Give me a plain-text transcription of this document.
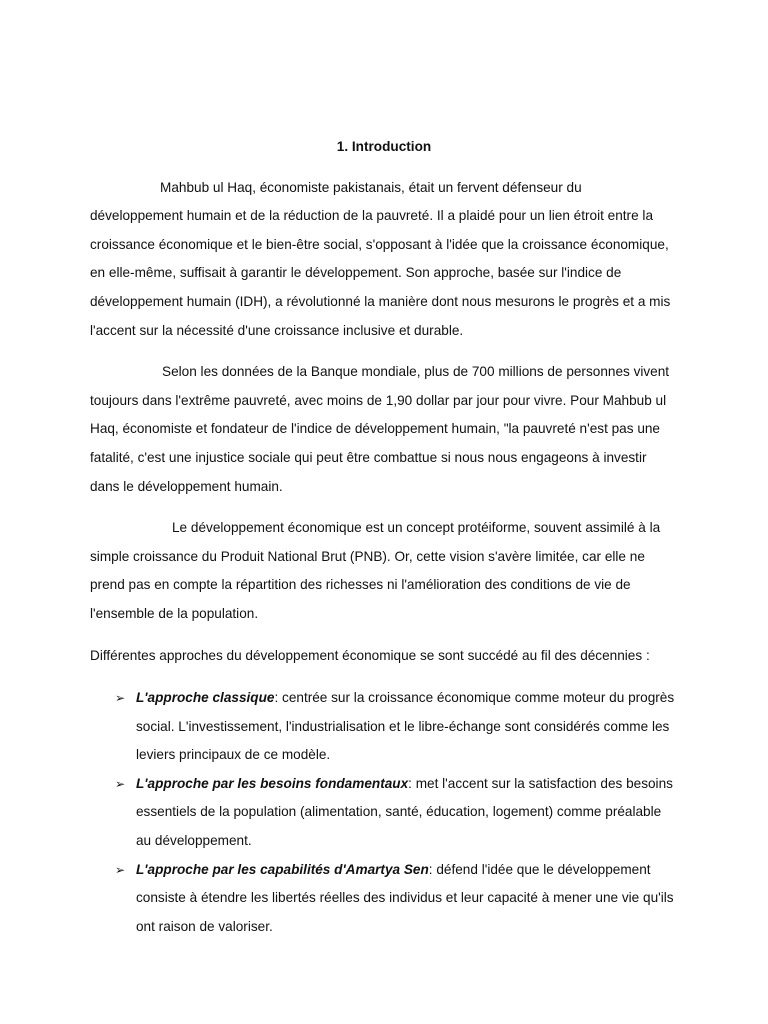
1. Introduction

Mahbub ul Haq, économiste pakistanais, était un fervent défenseur du développement humain et de la réduction de la pauvreté. Il a plaidé pour un lien étroit entre la croissance économique et le bien-être social, s'opposant à l'idée que la croissance économique, en elle-même, suffisait à garantir le développement. Son approche, basée sur l'indice de développement humain (IDH), a révolutionné la manière dont nous mesurons le progrès et a mis l'accent sur la nécessité d'une croissance inclusive et durable.

Selon les données de la Banque mondiale, plus de 700 millions de personnes vivent toujours dans l'extrême pauvreté, avec moins de 1,90 dollar par jour pour vivre. Pour Mahbub ul Haq, économiste et fondateur de l'indice de développement humain, "la pauvreté n'est pas une fatalité, c'est une injustice sociale qui peut être combattue si nous nous engageons à investir dans le développement humain.

Le développement économique est un concept protéiforme, souvent assimilé à la simple croissance du Produit National Brut (PNB). Or, cette vision s'avère limitée, car elle ne prend pas en compte la répartition des richesses ni l'amélioration des conditions de vie de l'ensemble de la population.

Différentes approches du développement économique se sont succédé au fil des décennies :

➢ L'approche classique: centrée sur la croissance économique comme moteur du progrès social. L'investissement, l'industrialisation et le libre-échange sont considérés comme les leviers principaux de ce modèle.
➢ L'approche par les besoins fondamentaux: met l'accent sur la satisfaction des besoins essentiels de la population (alimentation, santé, éducation, logement) comme préalable au développement.
➢ L'approche par les capabilités d'Amartya Sen: défend l'idée que le développement consiste à étendre les libertés réelles des individus et leur capacité à mener une vie qu'ils ont raison de valoriser.
